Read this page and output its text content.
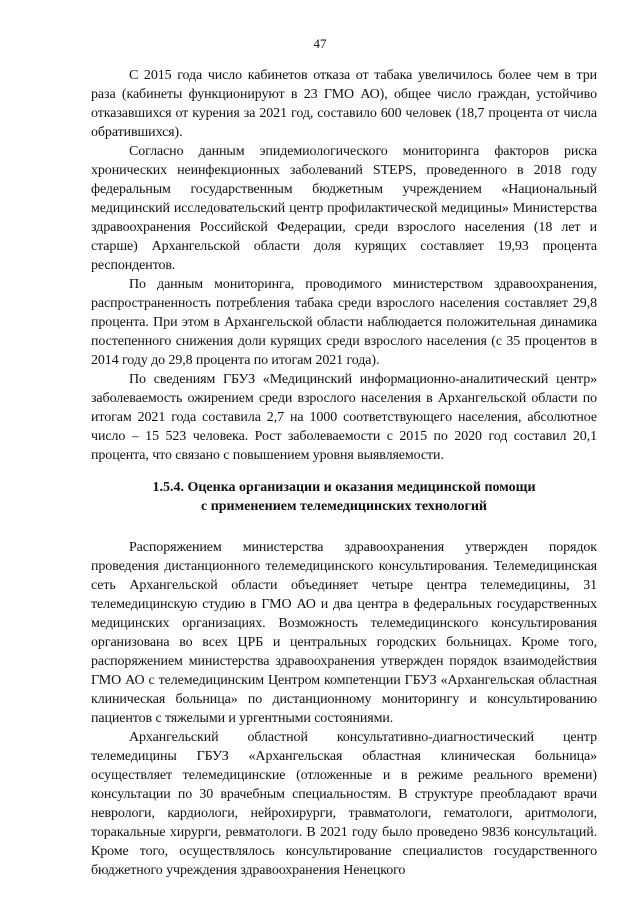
47

С 2015 года число кабинетов отказа от табака увеличилось более чем в три раза (кабинеты функционируют в 23 ГМО АО), общее число граждан, устойчиво отказавшихся от курения за 2021 год, составило 600 человек (18,7 процента от числа обратившихся).

Согласно данным эпидемиологического мониторинга факторов риска хронических неинфекционных заболеваний STEPS, проведенного в 2018 году федеральным государственным бюджетным учреждением «Национальный медицинский исследовательский центр профилактической медицины» Министерства здравоохранения Российской Федерации, среди взрослого населения (18 лет и старше) Архангельской области доля курящих составляет 19,93 процента респондентов.

По данным мониторинга, проводимого министерством здравоохранения, распространенность потребления табака среди взрослого населения составляет 29,8 процента. При этом в Архангельской области наблюдается положительная динамика постепенного снижения доли курящих среди взрослого населения (с 35 процентов в 2014 году до 29,8 процента по итогам 2021 года).

По сведениям ГБУЗ «Медицинский информационно-аналитический центр» заболеваемость ожирением среди взрослого населения в Архангельской области по итогам 2021 года составила 2,7 на 1000 соответствующего населения, абсолютное число – 15 523 человека. Рост заболеваемости с 2015 по 2020 год составил 20,1 процента, что связано с повышением уровня выявляемости.

1.5.4. Оценка организации и оказания медицинской помощи
с применением телемедицинских технологий

Распоряжением министерства здравоохранения утвержден порядок проведения дистанционного телемедицинского консультирования. Телемедицинская сеть Архангельской области объединяет четыре центра телемедицины, 31 телемедицинскую студию в ГМО АО и два центра в федеральных государственных медицинских организациях. Возможность телемедицинского консультирования организована во всех ЦРБ и центральных городских больницах. Кроме того, распоряжением министерства здравоохранения утвержден порядок взаимодействия ГМО АО с телемедицинским Центром компетенции ГБУЗ «Архангельская областная клиническая больница» по дистанционному мониторингу и консультированию пациентов с тяжелыми и ургентными состояниями.

Архангельский областной консультативно-диагностический центр телемедицины ГБУЗ «Архангельская областная клиническая больница» осуществляет телемедицинские (отложенные и в режиме реального времени) консультации по 30 врачебным специальностям. В структуре преобладают врачи неврологи, кардиологи, нейрохирурги, травматологи, гематологи, аритмологи, торакальные хирурги, ревматологи. В 2021 году было проведено 9836 консультаций. Кроме того, осуществлялось консультирование специалистов государственного бюджетного учреждения здравоохранения Ненецкого
